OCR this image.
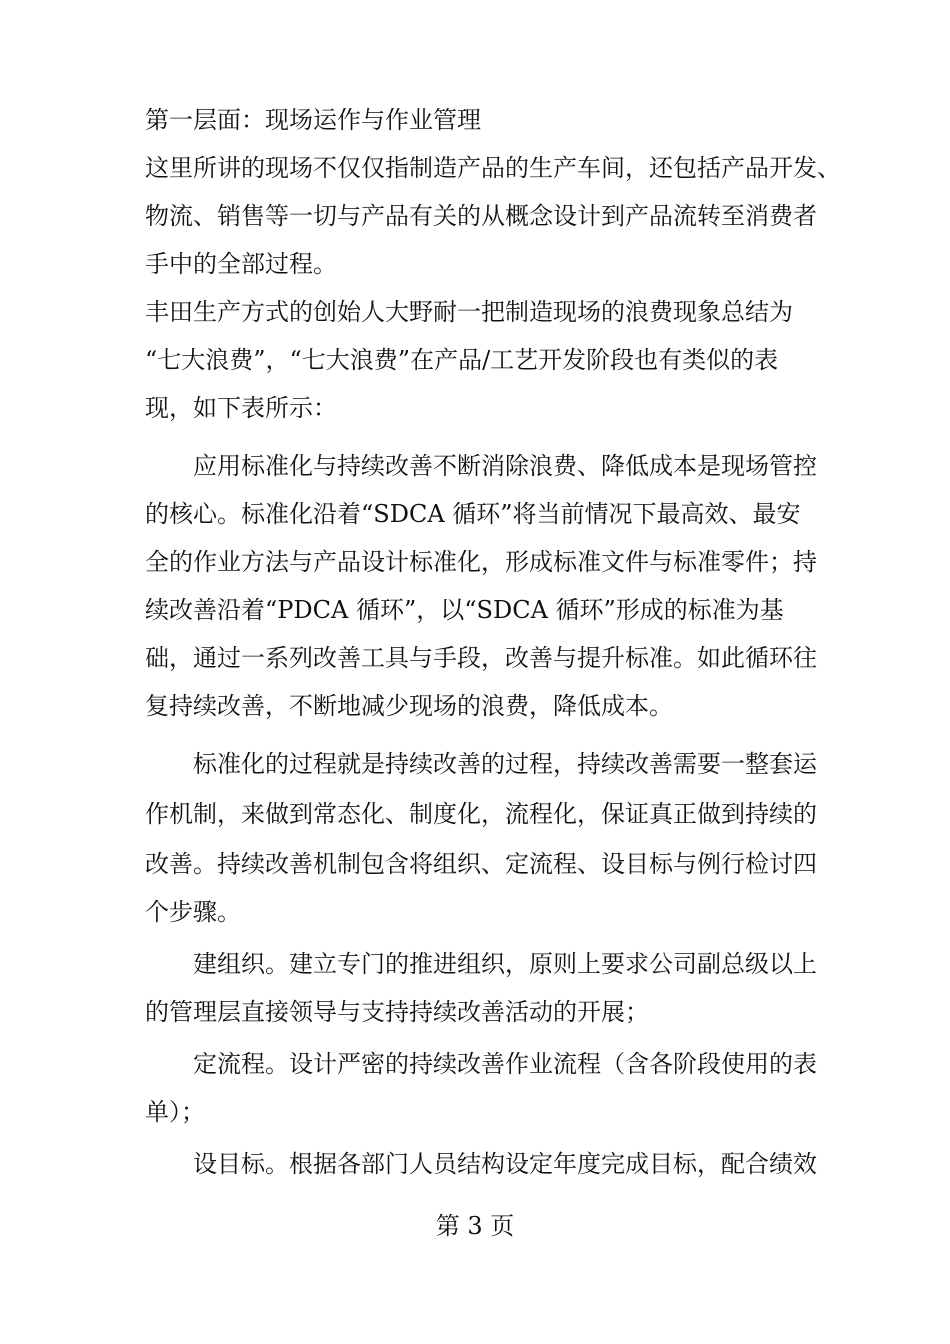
第一层面：现场运作与作业管理
这里所讲的现场不仅仅指制造产品的生产车间，还包括产品开发、
物流、销售等一切与产品有关的从概念设计到产品流转至消费者
手中的全部过程。
丰田生产方式的创始人大野耐一把制造现场的浪费现象总结为
“七大浪费”，“七大浪费”在产品/工艺开发阶段也有类似的表
现，如下表所示：
应用标准化与持续改善不断消除浪费、降低成本是现场管控
的核心。标准化沿着“SDCA 循环”将当前情况下最高效、最安
全的作业方法与产品设计标准化，形成标准文件与标准零件；持
续改善沿着“PDCA 循环”，以“SDCA 循环”形成的标准为基
础，通过一系列改善工具与手段，改善与提升标准。如此循环往
复持续改善，不断地减少现场的浪费，降低成本。
标准化的过程就是持续改善的过程，持续改善需要一整套运
作机制，来做到常态化、制度化，流程化，保证真正做到持续的
改善。持续改善机制包含将组织、定流程、设目标与例行检讨四
个步骤。
建组织。建立专门的推进组织，原则上要求公司副总级以上
的管理层直接领导与支持持续改善活动的开展；
定流程。设计严密的持续改善作业流程（含各阶段使用的表
单）；
设目标。根据各部门人员结构设定年度完成目标，配合绩效
第 3 页
